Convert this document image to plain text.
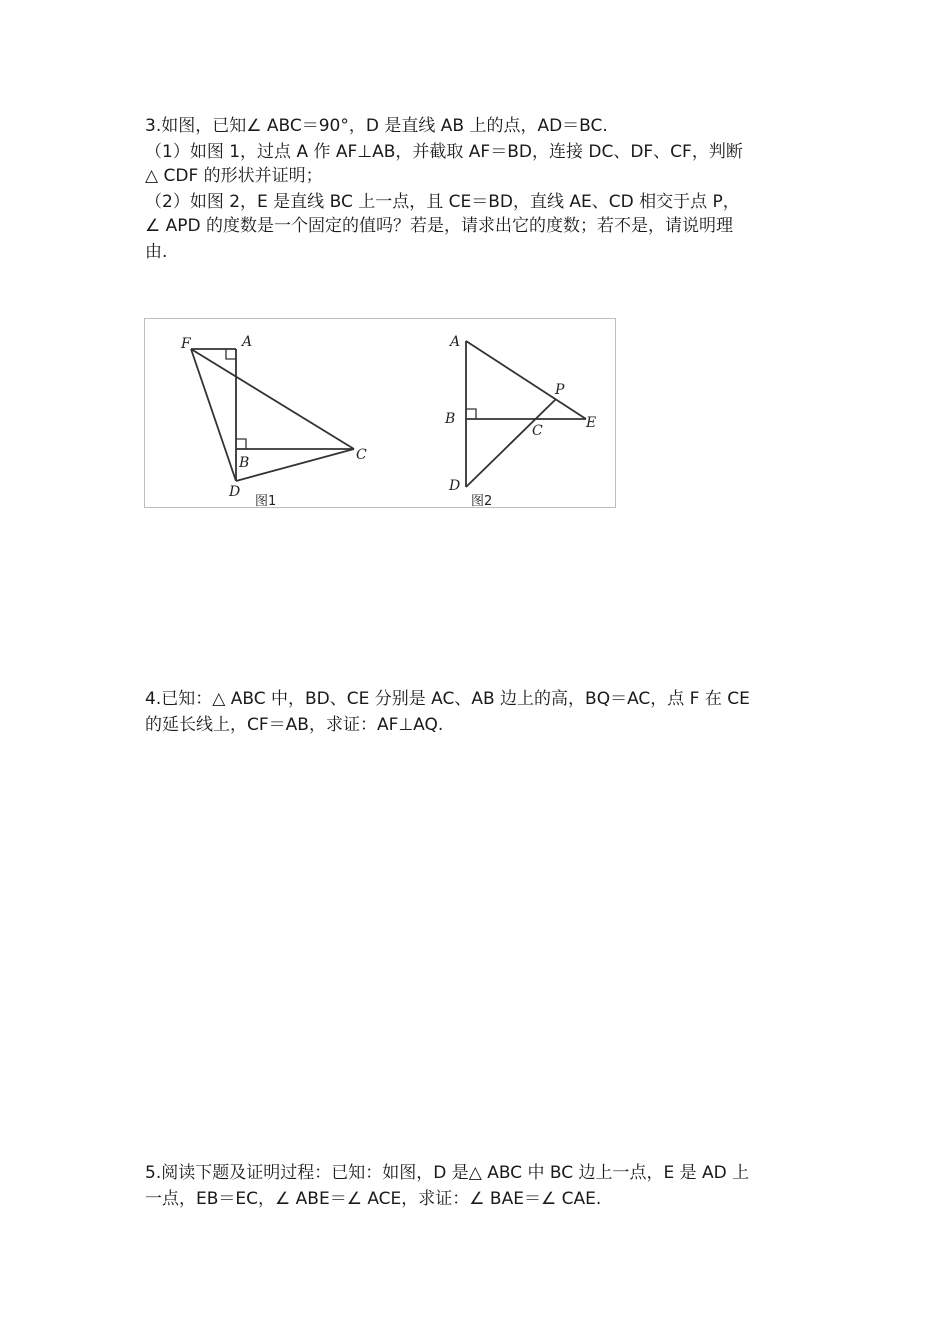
3.如图，已知∠ ABC＝90°，D 是直线 AB 上的点，AD＝BC.
（1）如图 1，过点 A 作 AF⊥AB，并截取 AF＝BD，连接 DC、DF、CF，判断
△ CDF 的形状并证明；
（2）如图 2，E 是直线 BC 上一点，且 CE＝BD，直线 AE、CD 相交于点 P，
∠ APD 的度数是一个固定的值吗？若是，请求出它的度数；若不是，请说明理
由.
F	A
B	C
D
图1
A
B
C
D
E
P
图2
4.已知：△ ABC 中，BD、CE 分别是 AC、AB 边上的高，BQ＝AC，点 F 在 CE
的延长线上，CF＝AB，求证：AF⊥AQ.
5.阅读下题及证明过程：已知：如图，D 是△ ABC 中 BC 边上一点，E 是 AD 上
一点，EB＝EC，∠ ABE＝∠ ACE，求证：∠ BAE＝∠ CAE.
